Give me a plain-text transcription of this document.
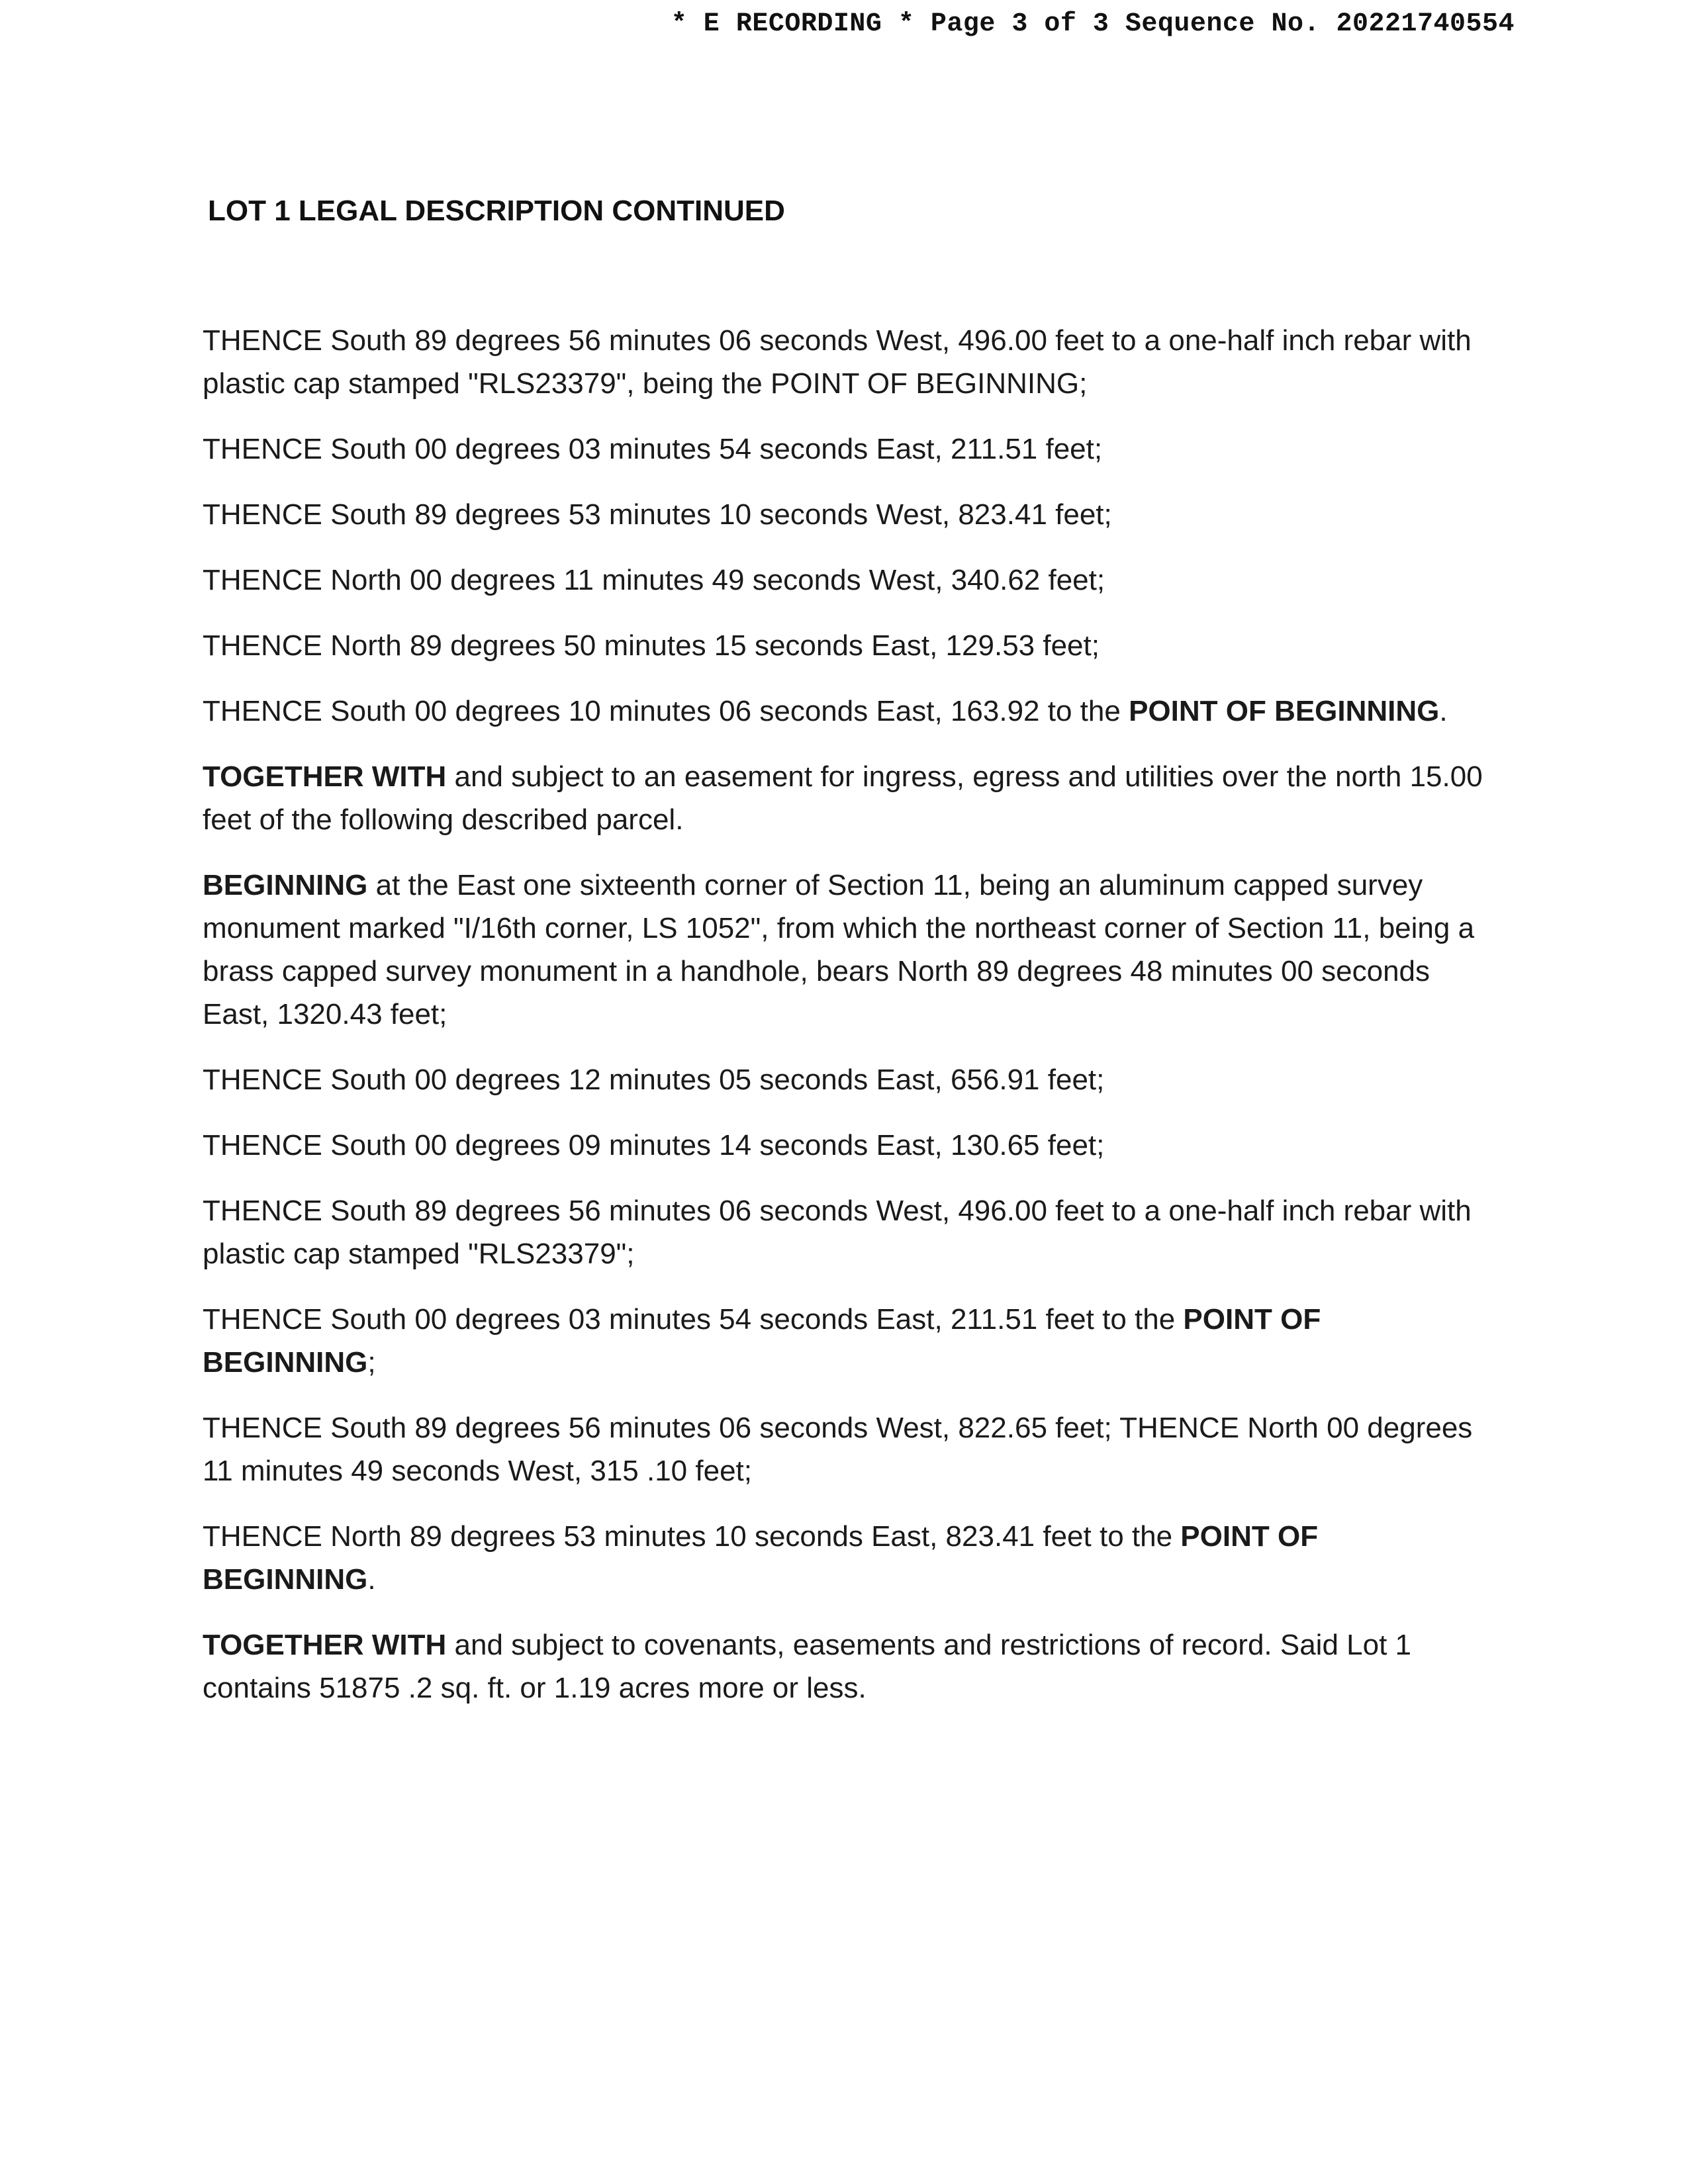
* E RECORDING * Page 3 of 3 Sequence No. 20221740554
LOT 1 LEGAL DESCRIPTION CONTINUED

THENCE South 89 degrees 56 minutes 06 seconds West, 496.00 feet to a one-half inch rebar with plastic cap stamped "RLS23379", being the POINT OF BEGINNING;

THENCE South 00 degrees 03 minutes 54 seconds East, 211.51 feet;

THENCE South 89 degrees 53 minutes 10 seconds West, 823.41 feet;

THENCE North 00 degrees 11 minutes 49 seconds West, 340.62 feet;

THENCE North 89 degrees 50 minutes 15 seconds East, 129.53 feet;

THENCE South 00 degrees 10 minutes 06 seconds East, 163.92 to the POINT OF BEGINNING.

TOGETHER WITH and subject to an easement for ingress, egress and utilities over the north 15.00 feet of the following described parcel.

BEGINNING at the East one sixteenth corner of Section 11, being an aluminum capped survey monument marked "I/16th corner, LS 1052", from which the northeast corner of Section 11, being a brass capped survey monument in a handhole, bears North 89 degrees 48 minutes 00 seconds East, 1320.43 feet;

THENCE South 00 degrees 12 minutes 05 seconds East, 656.91 feet;

THENCE South 00 degrees 09 minutes 14 seconds East, 130.65 feet;

THENCE South 89 degrees 56 minutes 06 seconds West, 496.00 feet to a one-half inch rebar with plastic cap stamped "RLS23379";

THENCE South 00 degrees 03 minutes 54 seconds East, 211.51 feet to the POINT OF BEGINNING;

THENCE South 89 degrees 56 minutes 06 seconds West, 822.65 feet; THENCE North 00 degrees 11 minutes 49 seconds West, 315 .10 feet;

THENCE North 89 degrees 53 minutes 10 seconds East, 823.41 feet to the POINT OF BEGINNING.

TOGETHER WITH and subject to covenants, easements and restrictions of record. Said Lot 1 contains 51875 .2 sq. ft. or 1.19 acres more or less.
